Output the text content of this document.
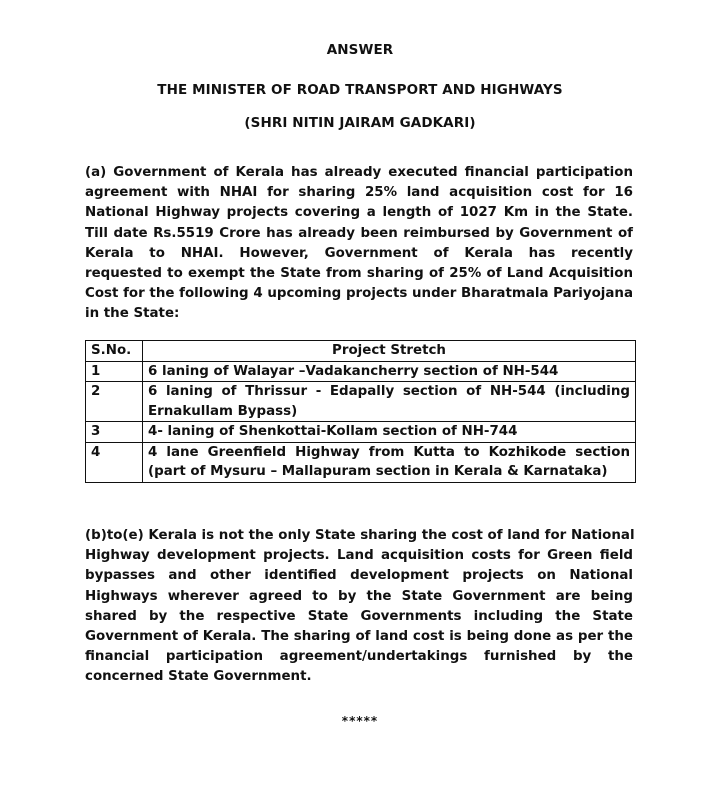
ANSWER
THE MINISTER OF ROAD TRANSPORT AND HIGHWAYS
(SHRI NITIN JAIRAM GADKARI)
(a) Government of Kerala has already executed financial participation
agreement with NHAI for sharing 25% land acquisition cost for 16
National Highway projects covering a length of 1027 Km in the State.
Till date Rs.5519 Crore has already been reimbursed by Government of
Kerala to NHAI. However, Government of Kerala has recently
requested to exempt the State from sharing of 25% of Land Acquisition
Cost for the following 4 upcoming projects under Bharatmala Pariyojana
in the State:
S.No.	Project Stretch
1	6 laning of Walayar –Vadakancherry section of NH-544

2	6 laning of Thrissur - Edapally section of NH-544 (including
Ernakullam Bypass)

3	4- laning of Shenkottai-Kollam section of NH-744

4	4 lane Greenfield Highway from Kutta to Kozhikode section
(part of Mysuru – Mallapuram section in Kerala & Karnataka)
(b)to(e) Kerala is not the only State sharing the cost of land for National
Highway development projects. Land acquisition costs for Green field
bypasses and other identified development projects on National
Highways wherever agreed to by the State Government are being
shared by the respective State Governments including the State
Government of Kerala. The sharing of land cost is being done as per the
financial participation agreement/undertakings furnished by the
concerned State Government.
*****
